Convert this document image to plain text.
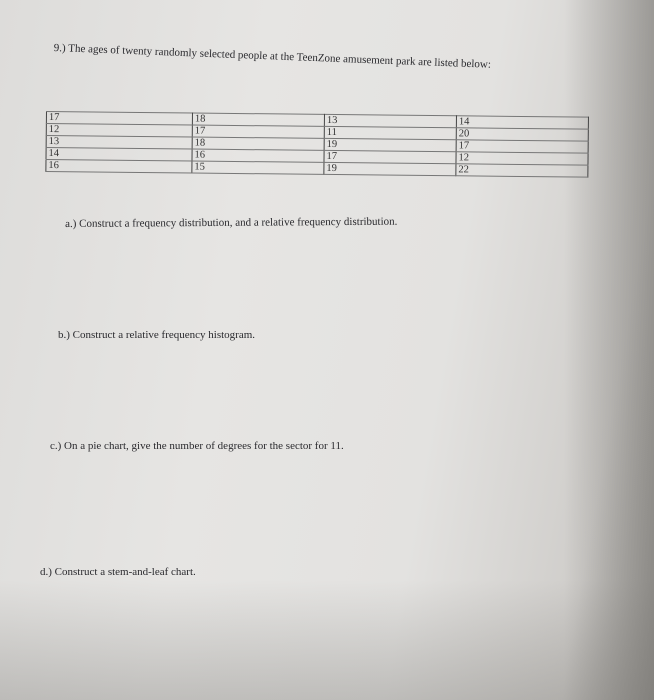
9.) The ages of twenty randomly selected people at the TeenZone amusement park are listed below:
17	18	13	14
12	17	11	20
13	18	19	17
14	16	17	12
16	15	19	22
a.) Construct a frequency distribution, and a relative frequency distribution.
b.) Construct a relative frequency histogram.
c.) On a pie chart, give the number of degrees for the sector for 11.
d.) Construct a stem-and-leaf chart.
